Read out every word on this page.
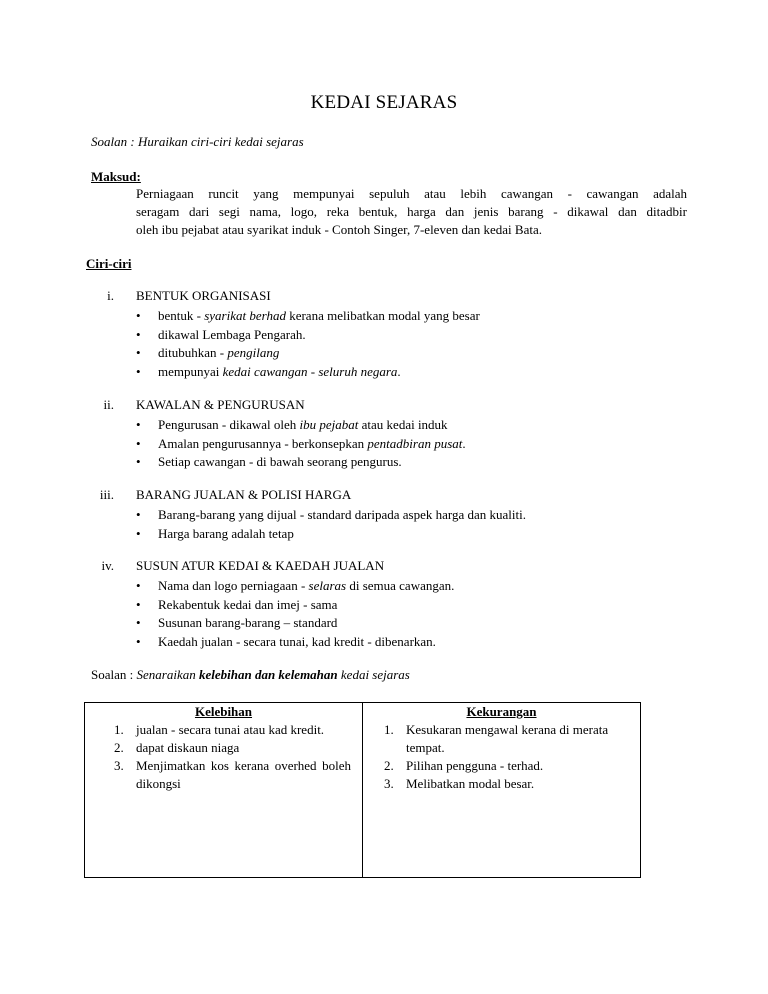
KEDAI SEJARAS
Soalan : Huraikan ciri-ciri kedai sejaras
Maksud:
Perniagaan runcit yang mempunyai sepuluh atau lebih cawangan - cawangan adalah
seragam dari segi nama, logo, reka bentuk, harga dan jenis barang - dikawal dan ditadbir
oleh ibu pejabat atau syarikat induk - Contoh Singer, 7-eleven dan kedai Bata.
Ciri-ciri
i. BENTUK ORGANISASI
• bentuk - syarikat berhad kerana melibatkan modal yang besar
• dikawal Lembaga Pengarah.
• ditubuhkan - pengilang
• mempunyai kedai cawangan - seluruh negara.
ii. KAWALAN & PENGURUSAN
• Pengurusan - dikawal oleh ibu pejabat atau kedai induk
• Amalan pengurusannya - berkonsepkan pentadbiran pusat.
• Setiap cawangan - di bawah seorang pengurus.
iii. BARANG JUALAN & POLISI HARGA
• Barang-barang yang dijual - standard daripada aspek harga dan kualiti.
• Harga barang adalah tetap
iv. SUSUN ATUR KEDAI & KAEDAH JUALAN
• Nama dan logo perniagaan - selaras di semua cawangan.
• Rekabentuk kedai dan imej - sama
• Susunan barang-barang – standard
• Kaedah jualan - secara tunai, kad kredit - dibenarkan.
Soalan : Senaraikan kelebihan dan kelemahan kedai sejaras
Kelebihan
1. jualan - secara tunai atau kad kredit.
2. dapat diskaun niaga
3. Menjimatkan kos kerana overhed boleh dikongsi
Kekurangan
1. Kesukaran mengawal kerana di merata tempat.
2. Pilihan pengguna - terhad.
3. Melibatkan modal besar.
